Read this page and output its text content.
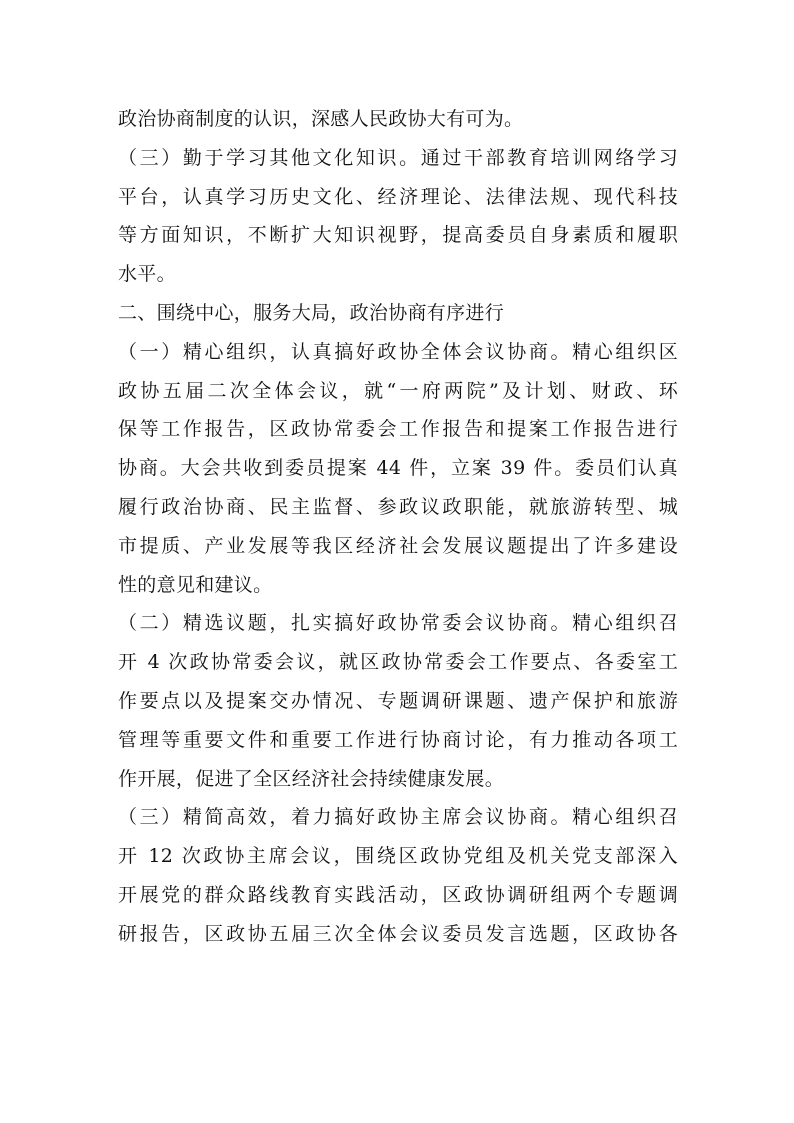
政治协商制度的认识，深感人民政协大有可为。
（三）勤于学习其他文化知识。通过干部教育培训网络学习
平台，认真学习历史文化、经济理论、法律法规、现代科技
等方面知识，不断扩大知识视野，提高委员自身素质和履职
水平。
二、围绕中心，服务大局，政治协商有序进行
（一）精心组织，认真搞好政协全体会议协商。精心组织区
政协五届二次全体会议，就“一府两院”及计划、财政、环
保等工作报告，区政协常委会工作报告和提案工作报告进行
协商。大会共收到委员提案 44 件，立案 39 件。委员们认真
履行政治协商、民主监督、参政议政职能，就旅游转型、城
市提质、产业发展等我区经济社会发展议题提出了许多建设
性的意见和建议。
（二）精选议题，扎实搞好政协常委会议协商。精心组织召
开 4 次政协常委会议，就区政协常委会工作要点、各委室工
作要点以及提案交办情况、专题调研课题、遗产保护和旅游
管理等重要文件和重要工作进行协商讨论，有力推动各项工
作开展，促进了全区经济社会持续健康发展。
（三）精简高效，着力搞好政协主席会议协商。精心组织召
开 12 次政协主席会议，围绕区政协党组及机关党支部深入
开展党的群众路线教育实践活动，区政协调研组两个专题调
研报告，区政协五届三次全体会议委员发言选题，区政协各
